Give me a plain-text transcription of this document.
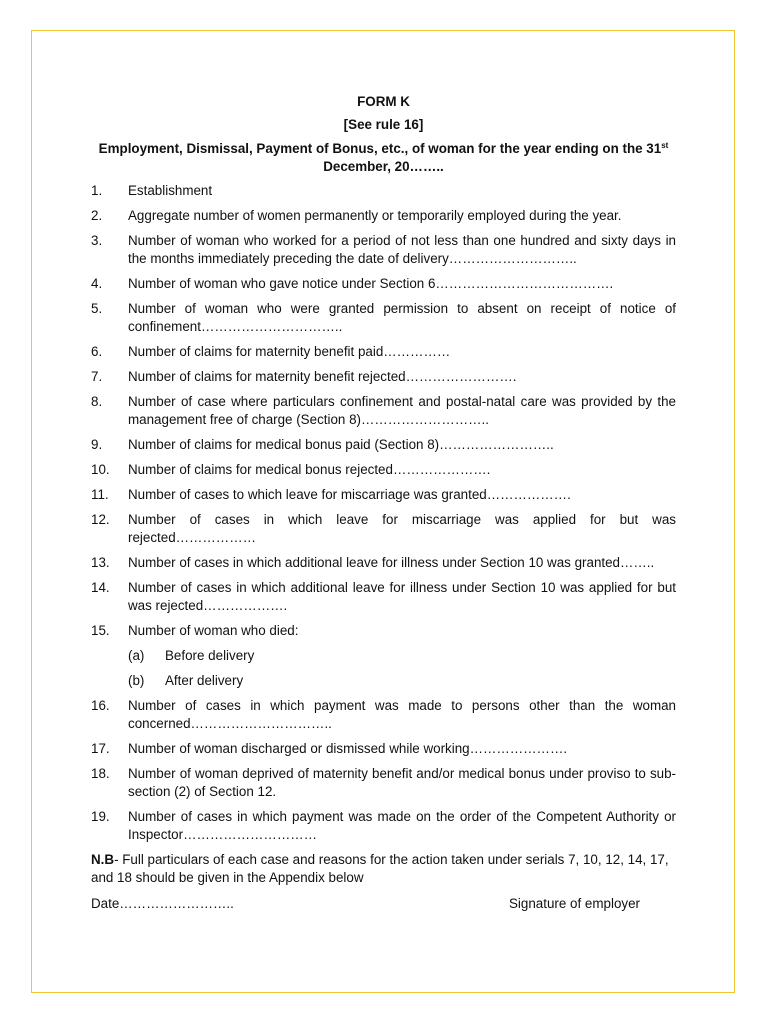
FORM K
[See rule 16]
Employment, Dismissal, Payment of Bonus, etc., of woman for the year ending on the 31st December, 20……..
1.	Establishment
2.	Aggregate number of women permanently or temporarily employed during the year.
3.	Number of woman who worked for a period of not less than one hundred and sixty days in the months immediately preceding the date of delivery………………………..
4.	Number of woman who gave notice under Section 6………………………………….
5.	Number of woman who were granted permission to absent on receipt of notice of confinement…………………………..
6.	Number of claims for maternity benefit paid……………
7.	Number of claims for maternity benefit rejected…………………….
8.	Number of case where particulars confinement and postal-natal care was provided by the management free of charge (Section 8)………………………..
9.	Number of claims for medical bonus paid (Section 8)……………………..
10.	Number of claims for medical bonus rejected………………….
11.	Number of cases to which leave for miscarriage was granted……………….
12.	Number of cases in which leave for miscarriage was applied for but was rejected………………
13.	Number of cases in which additional leave for illness under Section 10 was granted……..
14.	Number of cases in which additional leave for illness under Section 10 was applied for but was rejected……………….
15.	Number of woman who died:
(a)	Before delivery
(b)	After delivery
16.	Number of cases in which payment was made to persons other than the woman concerned…………………………..
17.	Number of woman discharged or dismissed while working………………….
18.	Number of woman deprived of maternity benefit and/or medical bonus under proviso to sub-section (2) of Section 12.
19.	Number of cases in which payment was made on the order of the Competent Authority or Inspector…………………………
N.B- Full particulars of each case and reasons for the action taken under serials 7, 10, 12, 14, 17, and 18 should be given in the Appendix below
Date……………………..	Signature of employer
